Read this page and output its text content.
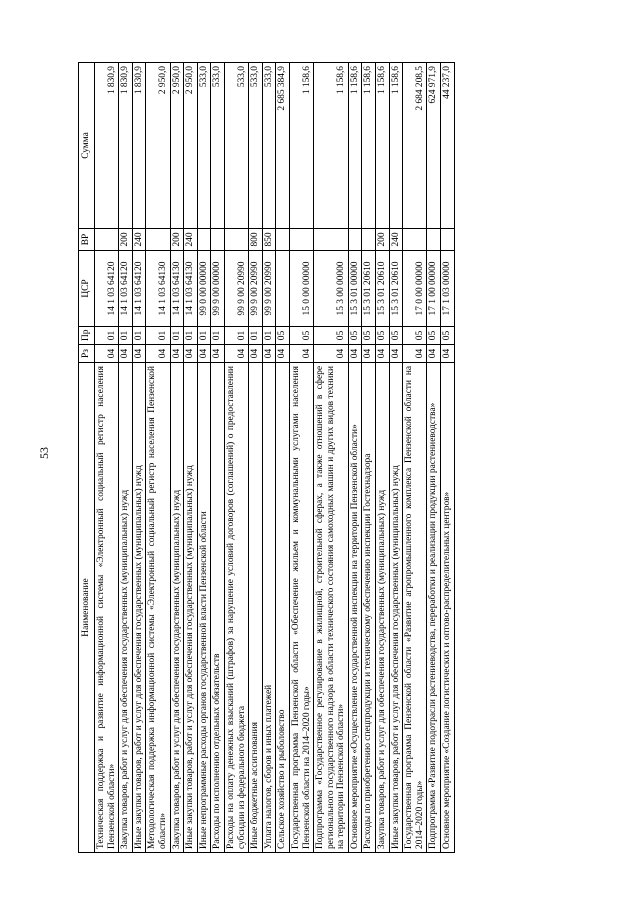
53
Наименование	Рз	Пр	ЦСР	ВР	Сумма
Техническая поддержка и развитие информационной системы «Электронный социальный регистр населения Пензенской области»	04	01	14 1 03 64120		1 830,9
Закупка товаров, работ и услуг для обеспечения государственных (муниципальных) нужд	04	01	14 1 03 64120	200	1 830,9
Иные закупки товаров, работ и услуг для обеспечения государственных (муниципальных) нужд	04	01	14 1 03 64120	240	1 830,9
Методологическая поддержка информационной системы «Электронный социальный регистр населения Пензенской области»	04	01	14 1 03 64130		2 950,0
Закупка товаров, работ и услуг для обеспечения государственных (муниципальных) нужд	04	01	14 1 03 64130	200	2 950,0
Иные закупки товаров, работ и услуг для обеспечения государственных (муниципальных) нужд	04	01	14 1 03 64130	240	2 950,0
Иные непрограммные расходы органов государственной власти Пензенской области	04	01	99 0 00 00000		533,0
Расходы по исполнению отдельных обязательств	04	01	99 9 00 00000		533,0
Расходы на оплату денежных взысканий (штрафов) за нарушение условий договоров (соглашений) о предоставлении субсидии из федерального бюджета	04	01	99 9 00 20990		533,0
Иные бюджетные ассигнования	04	01	99 9 00 20990	800	533,0
Уплата налогов, сборов и иных платежей	04	01	99 9 00 20990	850	533,0
Сельское хозяйство и рыболовство	04	05			2 685 384,9
Государственная программа Пензенской области «Обеспечение жильем и коммунальными услугами населения Пензенской области на 2014–2020 годы»	04	05	15 0 00 00000		1 158,6
Подпрограмма «Государственное регулирование в жилищной, строительной сферах, а также отношений в сфере регионального государственного надзора в области технического состояния самоходных машин и других видов техники на территории Пензенской области»	04	05	15 3 00 00000		1 158,6
Основное мероприятие «Осуществление государственной инспекции на территории Пензенской области»	04	05	15 3 01 00000		1 158,6
Расходы по приобретению спецпродукции и техническому обеспечению инспекции Гостехнадзора	04	05	15 3 01 20610		1 158,6
Закупка товаров, работ и услуг для обеспечения государственных (муниципальных) нужд	04	05	15 3 01 20610	200	1 158,6
Иные закупки товаров, работ и услуг для обеспечения государственных (муниципальных) нужд	04	05	15 3 01 20610	240	1 158,6
Государственная программа Пензенской области «Развитие агропромышленного комплекса Пензенской области на 2014–2020 годы»	04	05	17 0 00 00000		2 684 208,5
Подпрограмма «Развитие подотрасли растениеводства, переработки и реализации продукции растениеводства»	04	05	17 1 00 00000		624 971,9
Основное мероприятие «Создание логистических и оптово-распределительных центров»	04	05	17 1 03 00000		44 237,0
